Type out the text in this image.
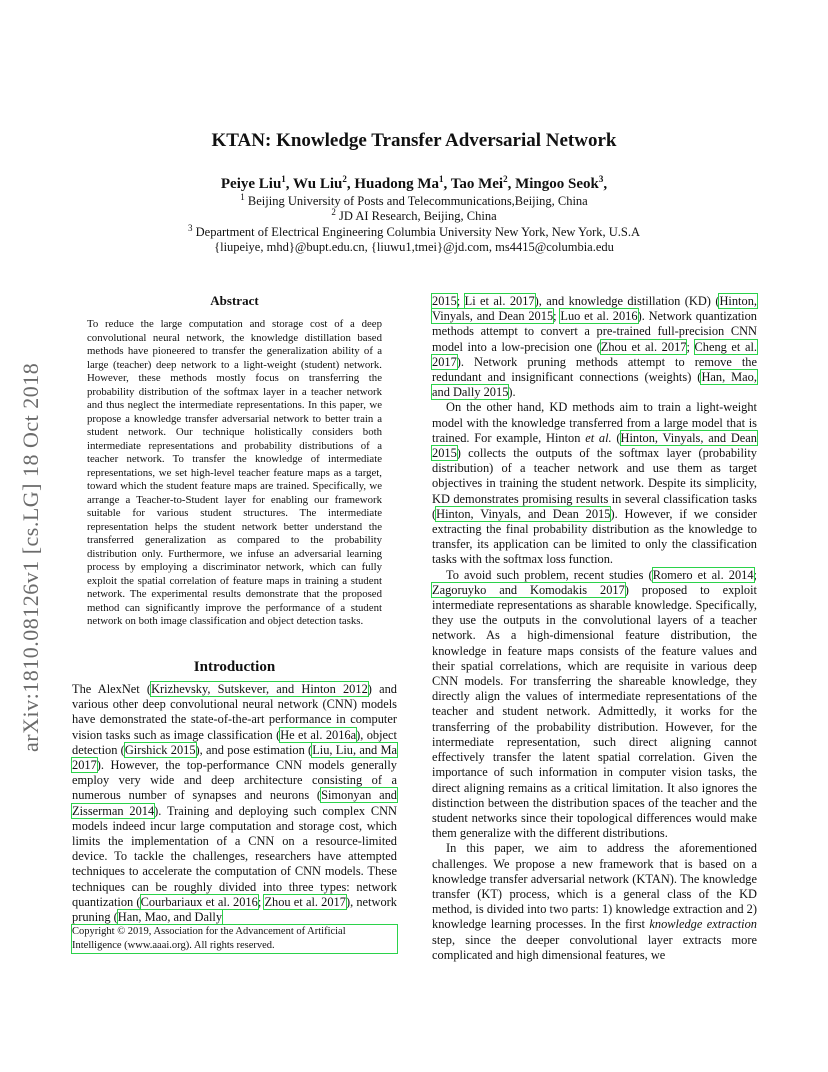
arXiv:1810.08126v1 [cs.LG] 18 Oct 2018
KTAN: Knowledge Transfer Adversarial Network
Peiye Liu$^1$, Wu Liu$^2$, Huadong Ma$^1$, Tao Mei$^2$, Mingoo Seok$^3$,
$^1$ Beijing University of Posts and Telecommunications,Beijing, China
$^2$ JD AI Research, Beijing, China
$^3$ Department of Electrical Engineering Columbia University New York, New York, U.S.A
{liupeiye, mhd}@bupt.edu.cn, {liuwu1,tmei}@jd.com, ms4415@columbia.edu
Abstract
To reduce the large computation and storage cost of a deep convolutional neural network, the knowledge distillation based methods have pioneered to transfer the generalization ability of a large (teacher) deep network to a light-weight (student) network. However, these methods mostly focus on transferring the probability distribution of the softmax layer in a teacher network and thus neglect the intermediate representations. In this paper, we propose a knowledge transfer adversarial network to better train a student network. Our technique holistically considers both intermediate representations and probability distributions of a teacher network. To transfer the knowledge of intermediate representations, we set high-level teacher feature maps as a target, toward which the student feature maps are trained. Specifically, we arrange a Teacher-to-Student layer for enabling our framework suitable for various student structures. The intermediate representation helps the student network better understand the transferred generalization as compared to the probability distribution only. Furthermore, we infuse an adversarial learning process by employing a discriminator network, which can fully exploit the spatial correlation of feature maps in training a student network. The experimental results demonstrate that the proposed method can significantly improve the performance of a student network on both image classification and object detection tasks.
Introduction

The AlexNet (Krizhevsky, Sutskever, and Hinton 2012) and various other deep convolutional neural network (CNN) models have demonstrated the state-of-the-art performance in computer vision tasks such as image classification (He et al. 2016a), object detection (Girshick 2015), and pose estimation (Liu, Liu, and Ma 2017). However, the top-performance CNN models generally employ very wide and deep architecture consisting of a numerous number of synapses and neurons (Simonyan and Zisserman 2014). Training and deploying such complex CNN models indeed incur large computation and storage cost, which limits the implementation of a CNN on a resource-limited device. To tackle the challenges, researchers have attempted techniques to accelerate the computation of CNN models. These techniques can be roughly divided into three types: network quantization (Courbariaux et al. 2016; Zhou et al. 2017), network pruning (Han, Mao, and Dally

Copyright © 2019, Association for the Advancement of Artificial Intelligence (www.aaai.org). All rights reserved.

2015; Li et al. 2017), and knowledge distillation (KD) (Hinton, Vinyals, and Dean 2015; Luo et al. 2016). Network quantization methods attempt to convert a pre-trained full-precision CNN model into a low-precision one (Zhou et al. 2017; Cheng et al. 2017). Network pruning methods attempt to remove the redundant and insignificant connections (weights) (Han, Mao, and Dally 2015).

On the other hand, KD methods aim to train a light-weight model with the knowledge transferred from a large model that is trained. For example, Hinton et al. (Hinton, Vinyals, and Dean 2015) collects the outputs of the softmax layer (probability distribution) of a teacher network and use them as target objectives in training the student network. Despite its simplicity, KD demonstrates promising results in several classification tasks (Hinton, Vinyals, and Dean 2015). However, if we consider extracting the final probability distribution as the knowledge to transfer, its application can be limited to only the classification tasks with the softmax loss function.

To avoid such problem, recent studies (Romero et al. 2014; Zagoruyko and Komodakis 2017) proposed to exploit intermediate representations as sharable knowledge. Specifically, they use the outputs in the convolutional layers of a teacher network. As a high-dimensional feature distribution, the knowledge in feature maps consists of the feature values and their spatial correlations, which are requisite in various deep CNN models. For transferring the shareable knowledge, they directly align the values of intermediate representations of the teacher and student network. Admittedly, it works for the transferring of the probability distribution. However, for the intermediate representation, such direct aligning cannot effectively transfer the latent spatial correlation. Given the importance of such information in computer vision tasks, the direct aligning remains as a critical limitation. It also ignores the distinction between the distribution spaces of the teacher and the student networks since their topological differences would make them generalize with the different distributions.

In this paper, we aim to address the aforementioned challenges. We propose a new framework that is based on a knowledge transfer adversarial network (KTAN). The knowledge transfer (KT) process, which is a general class of the KD method, is divided into two parts: 1) knowledge extraction and 2) knowledge learning processes. In the first knowledge extraction step, since the deeper convolutional layer extracts more complicated and high dimensional features, we
